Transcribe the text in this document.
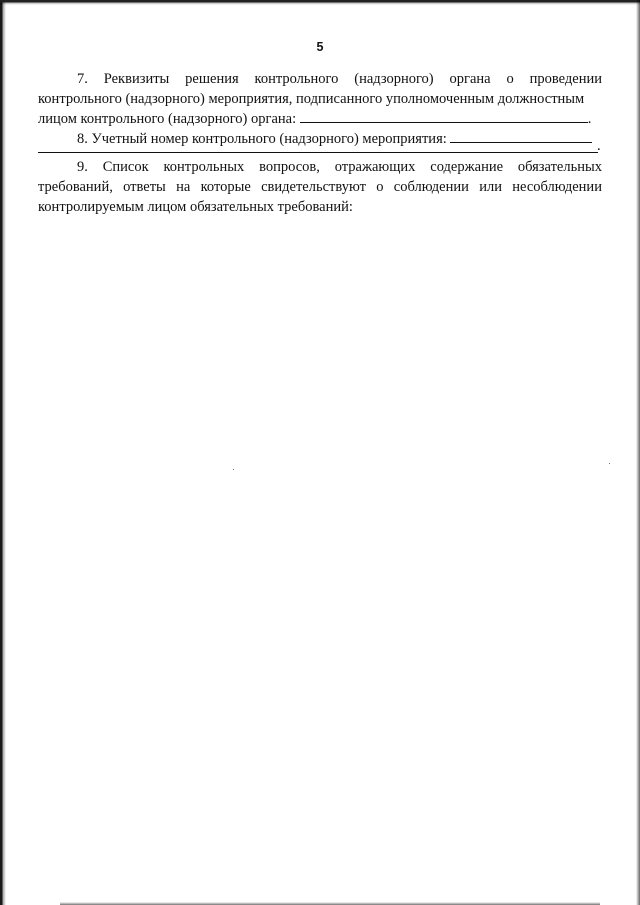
5
7. Реквизиты решения контрольного (надзорного) органа о проведении
контрольного (надзорного) мероприятия, подписанного уполномоченным должностным
лицом контрольного (надзорного) органа:	.
8. Учетный номер контрольного (надзорного) мероприятия:	.
9. Список контрольных вопросов, отражающих содержание обязательных
требований, ответы на которые свидетельствуют о соблюдении или несоблюдении
контролируемым лицом обязательных требований:
